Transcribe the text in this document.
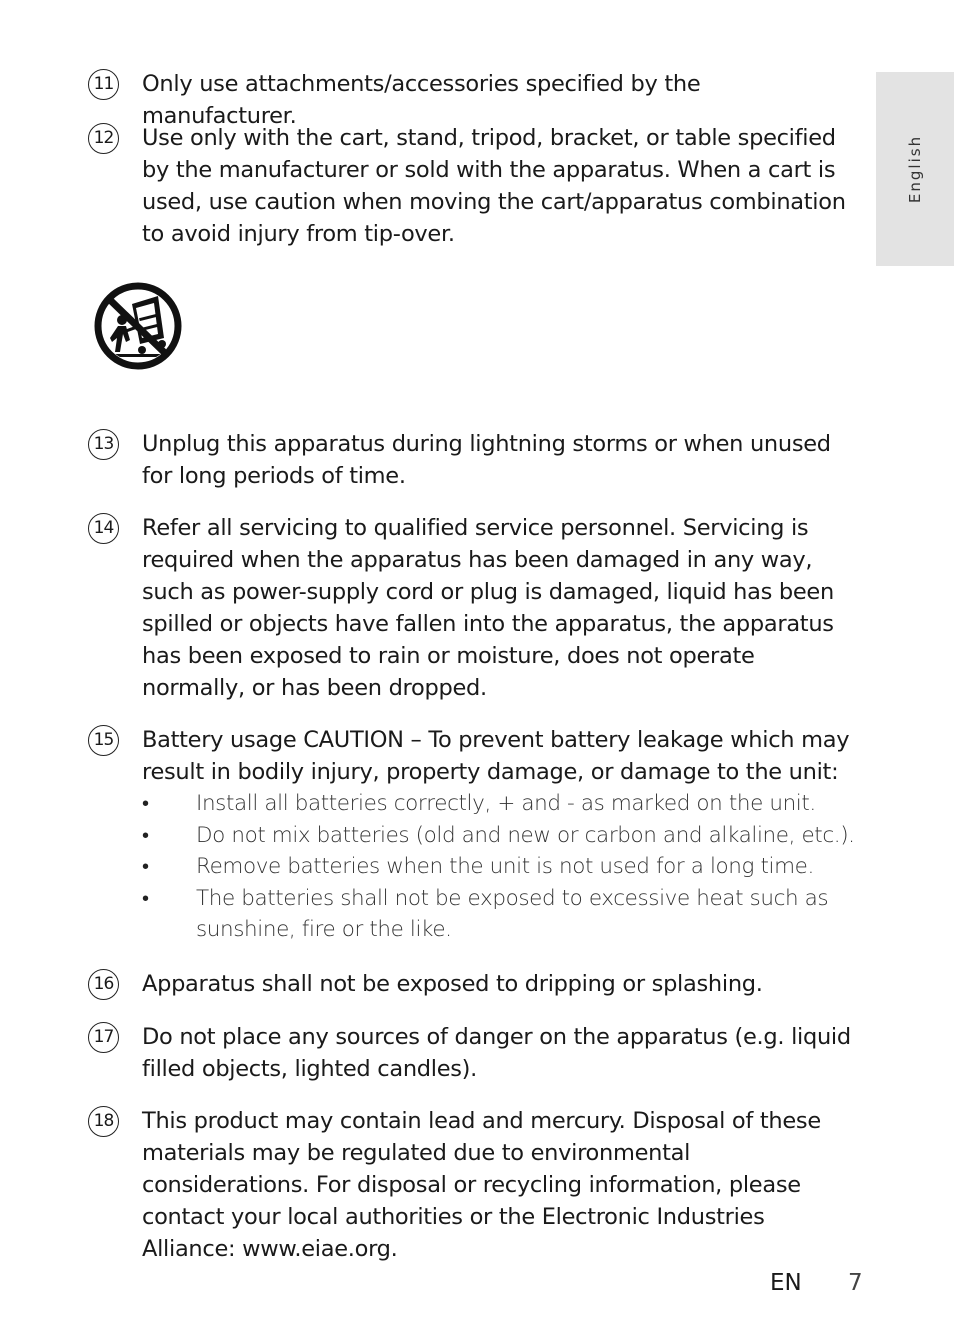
English
11 Only use attachments/accessories specified by the manufacturer.
12 Use only with the cart, stand, tripod, bracket, or table specified by the manufacturer or sold with the apparatus. When a cart is used, use caution when moving the cart/apparatus combination to avoid injury from tip-over.
13 Unplug this apparatus during lightning storms or when unused for long periods of time.
14 Refer all servicing to qualified service personnel. Servicing is required when the apparatus has been damaged in any way, such as power-supply cord or plug is damaged, liquid has been spilled or objects have fallen into the apparatus, the apparatus has been exposed to rain or moisture, does not operate normally, or has been dropped.
15 Battery usage CAUTION – To prevent battery leakage which may result in bodily injury, property damage, or damage to the unit:
• Install all batteries correctly, + and - as marked on the unit.
• Do not mix batteries (old and new or carbon and alkaline, etc.).
• Remove batteries when the unit is not used for a long time.
• The batteries shall not be exposed to excessive heat such as sunshine, fire or the like.
16 Apparatus shall not be exposed to dripping or splashing.
17 Do not place any sources of danger on the apparatus (e.g. liquid filled objects, lighted candles).
18 This product may contain lead and mercury. Disposal of these materials may be regulated due to environmental considerations. For disposal or recycling information, please contact your local authorities or the Electronic Industries Alliance: www.eiae.org.
EN 7
